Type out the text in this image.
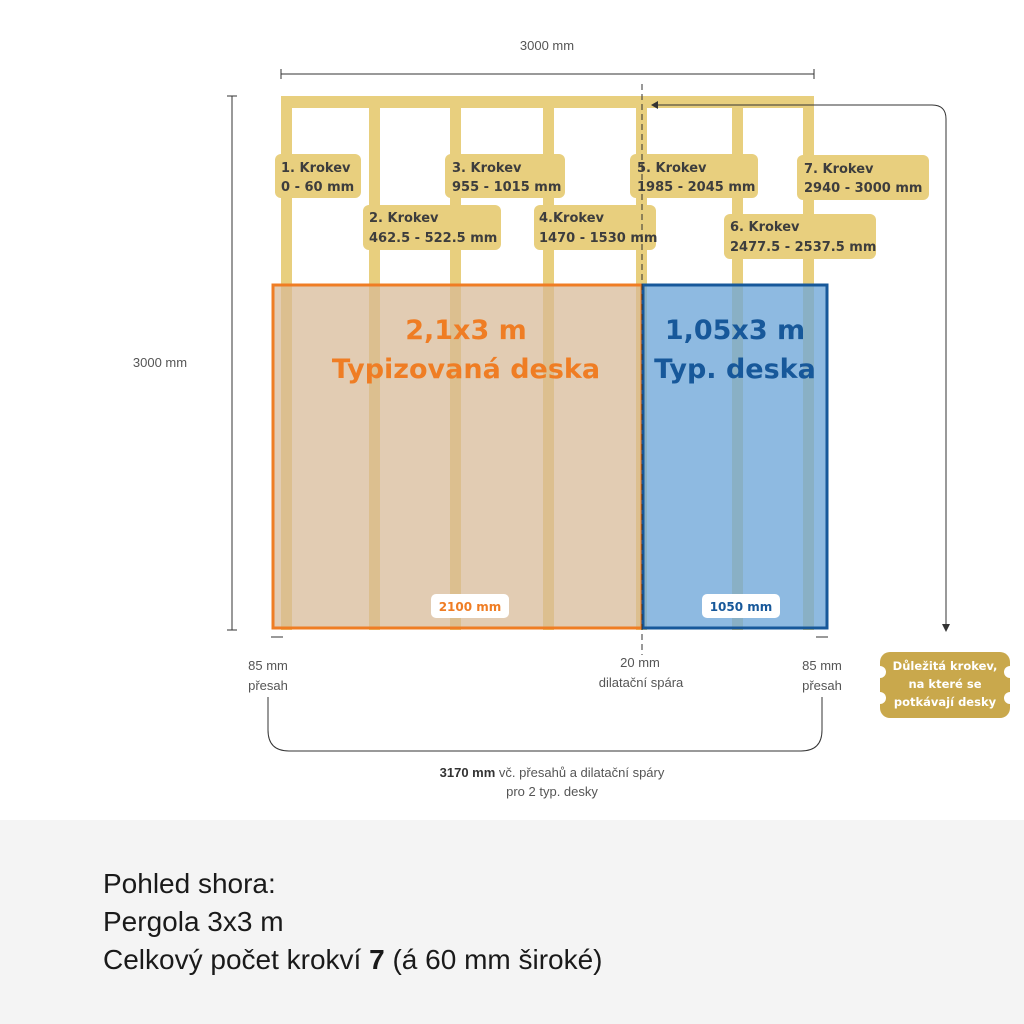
3000 mm
3000 mm
1. Krokev
0 - 60 mm
2. Krokev
462.5 - 522.5 mm
3. Krokev
955 - 1015 mm
4.Krokev
1470 - 1530 mm
5. Krokev
1985 - 2045 mm
6. Krokev
2477.5 - 2537.5 mm
7. Krokev
2940 - 3000 mm
2,1x3 m
Typizovaná deska
2100 mm
1,05x3 m
Typ. deska
1050 mm
85 mm
přesah
20 mm
dilatační spára
85 mm
přesah
3170 mm vč. přesahů a dilatační spáry
pro 2 typ. desky
Důležitá krokev,
na které se
potkávají desky
Pohled shora:
Pergola 3x3 m
Celkový počet krokví 7 (á 60 mm široké)
